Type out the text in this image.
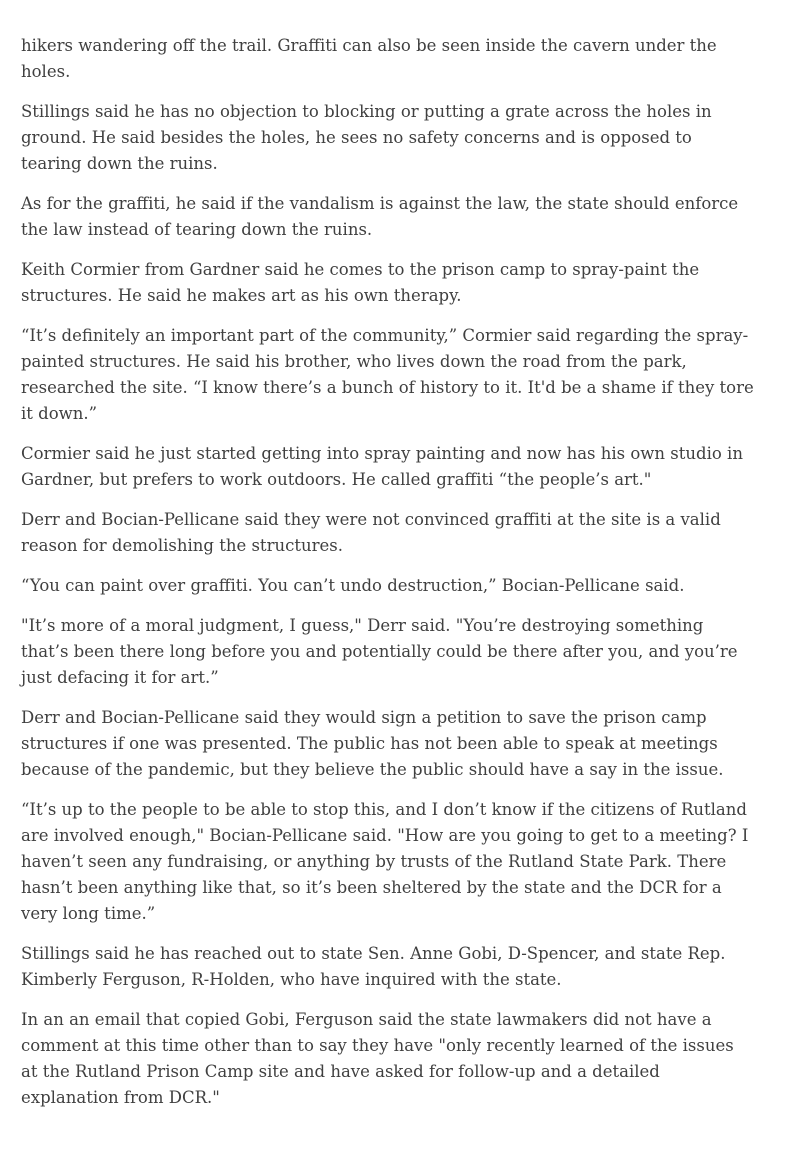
hikers wandering off the trail. Graffiti can also be seen inside the cavern under the holes.

Stillings said he has no objection to blocking or putting a grate across the holes in ground. He said besides the holes, he sees no safety concerns and is opposed to tearing down the ruins.

As for the graffiti, he said if the vandalism is against the law, the state should enforce the law instead of tearing down the ruins.

Keith Cormier from Gardner said he comes to the prison camp to spray-paint the structures. He said he makes art as his own therapy.

“It’s definitely an important part of the community,” Cormier said regarding the spray-painted structures. He said his brother, who lives down the road from the park, researched the site. “I know there’s a bunch of history to it. It'd be a shame if they tore it down.”

Cormier said he just started getting into spray painting and now has his own studio in Gardner, but prefers to work outdoors. He called graffiti “the people’s art."

Derr and Bocian-Pellicane said they were not convinced graffiti at the site is a valid reason for demolishing the structures.

“You can paint over graffiti. You can’t undo destruction,” Bocian-Pellicane said.

"It’s more of a moral judgment, I guess," Derr said. "You’re destroying something that’s been there long before you and potentially could be there after you, and you’re just defacing it for art.”

Derr and Bocian-Pellicane said they would sign a petition to save the prison camp structures if one was presented. The public has not been able to speak at meetings because of the pandemic, but they believe the public should have a say in the issue.

“It’s up to the people to be able to stop this, and I don’t know if the citizens of Rutland are involved enough," Bocian-Pellicane said. "How are you going to get to a meeting? I haven’t seen any fundraising, or anything by trusts of the Rutland State Park. There hasn’t been anything like that, so it’s been sheltered by the state and the DCR for a very long time.”

Stillings said he has reached out to state Sen. Anne Gobi, D-Spencer, and state Rep. Kimberly Ferguson, R-Holden, who have inquired with the state.

In an an email that copied Gobi, Ferguson said the state lawmakers did not have a comment at this time other than to say they have "only recently learned of the issues at the Rutland Prison Camp site and have asked for follow-up and a detailed explanation from DCR."
